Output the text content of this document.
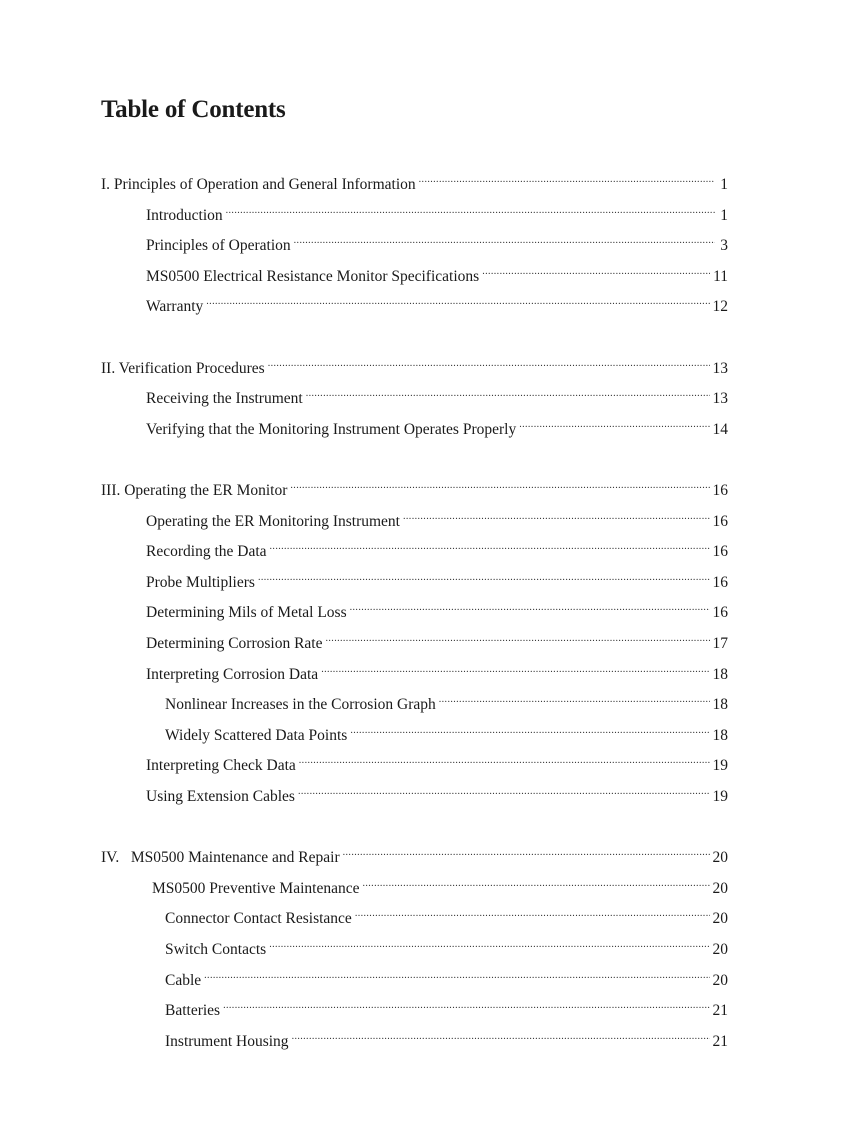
Table of Contents
I. Principles of Operation and General Information .....	1
Introduction .....	1
Principles of Operation .....	3
MS0500 Electrical Resistance Monitor Specifications .....	11
Warranty .....	12
II. Verification Procedures .....	13
Receiving the Instrument .....	13
Verifying that the Monitoring Instrument Operates Properly .....	14
III. Operating the ER Monitor .....	16
Operating the ER Monitoring Instrument .....	16
Recording the Data .....	16
Probe Multipliers .....	16
Determining Mils of Metal Loss .....	16
Determining Corrosion Rate .....	17
Interpreting Corrosion Data .....	18
Nonlinear Increases in the Corrosion Graph .....	18
Widely Scattered Data Points .....	18
Interpreting Check Data .....	19
Using Extension Cables .....	19
IV.   MS0500 Maintenance and Repair .....	20
MS0500 Preventive Maintenance .....	20
Connector Contact Resistance .....	20
Switch Contacts .....	20
Cable .....	20
Batteries .....	21
Instrument Housing .....	21
